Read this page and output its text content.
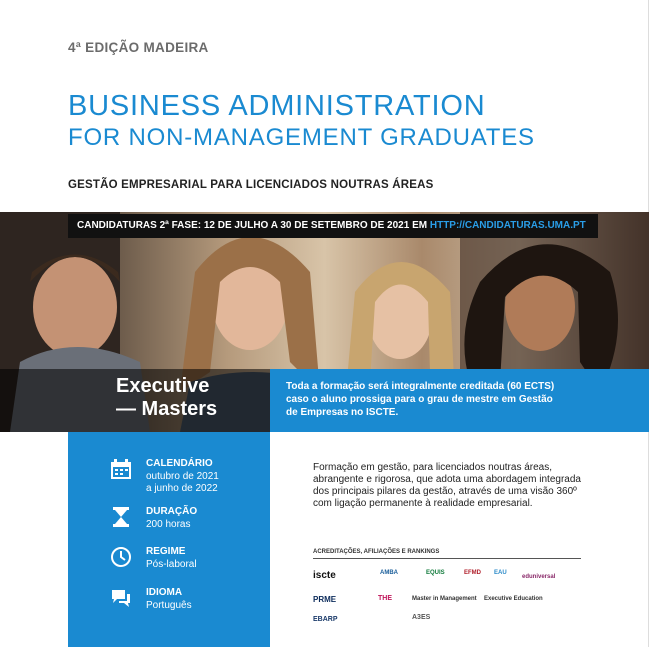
4ª EDIÇÃO MADEIRA
BUSINESS ADMINISTRATION
FOR NON-MANAGEMENT GRADUATES
GESTÃO EMPRESARIAL PARA LICENCIADOS NOUTRAS ÁREAS
CANDIDATURAS 2ª FASE: 12 DE JULHO A 30 DE SETEMBRO DE 2021 EM HTTP://CANDIDATURAS.UMA.PT
Executive
— Masters
Toda a formação será integralmente creditada (60 ECTS) caso o aluno prossiga para o grau de mestre em Gestão de Empresas no ISCTE.
CALENDÁRIO
outubro de 2021
a junho de 2022
DURAÇÃO
200 horas
REGIME
Pós-laboral
IDIOMA
Português
Formação em gestão, para licenciados noutras áreas, abrangente e rigorosa, que adota uma abordagem integrada dos principais pilares da gestão, através de uma visão 360º com ligação permanente à realidade empresarial.
ACREDITAÇÕES, AFILIAÇÕES E RANKINGS
iscte	AMBA	EQUIS	EFMD EAU
eduniversal
PRME	THE	Master in Management Executive Education
EBARP	A3ES
